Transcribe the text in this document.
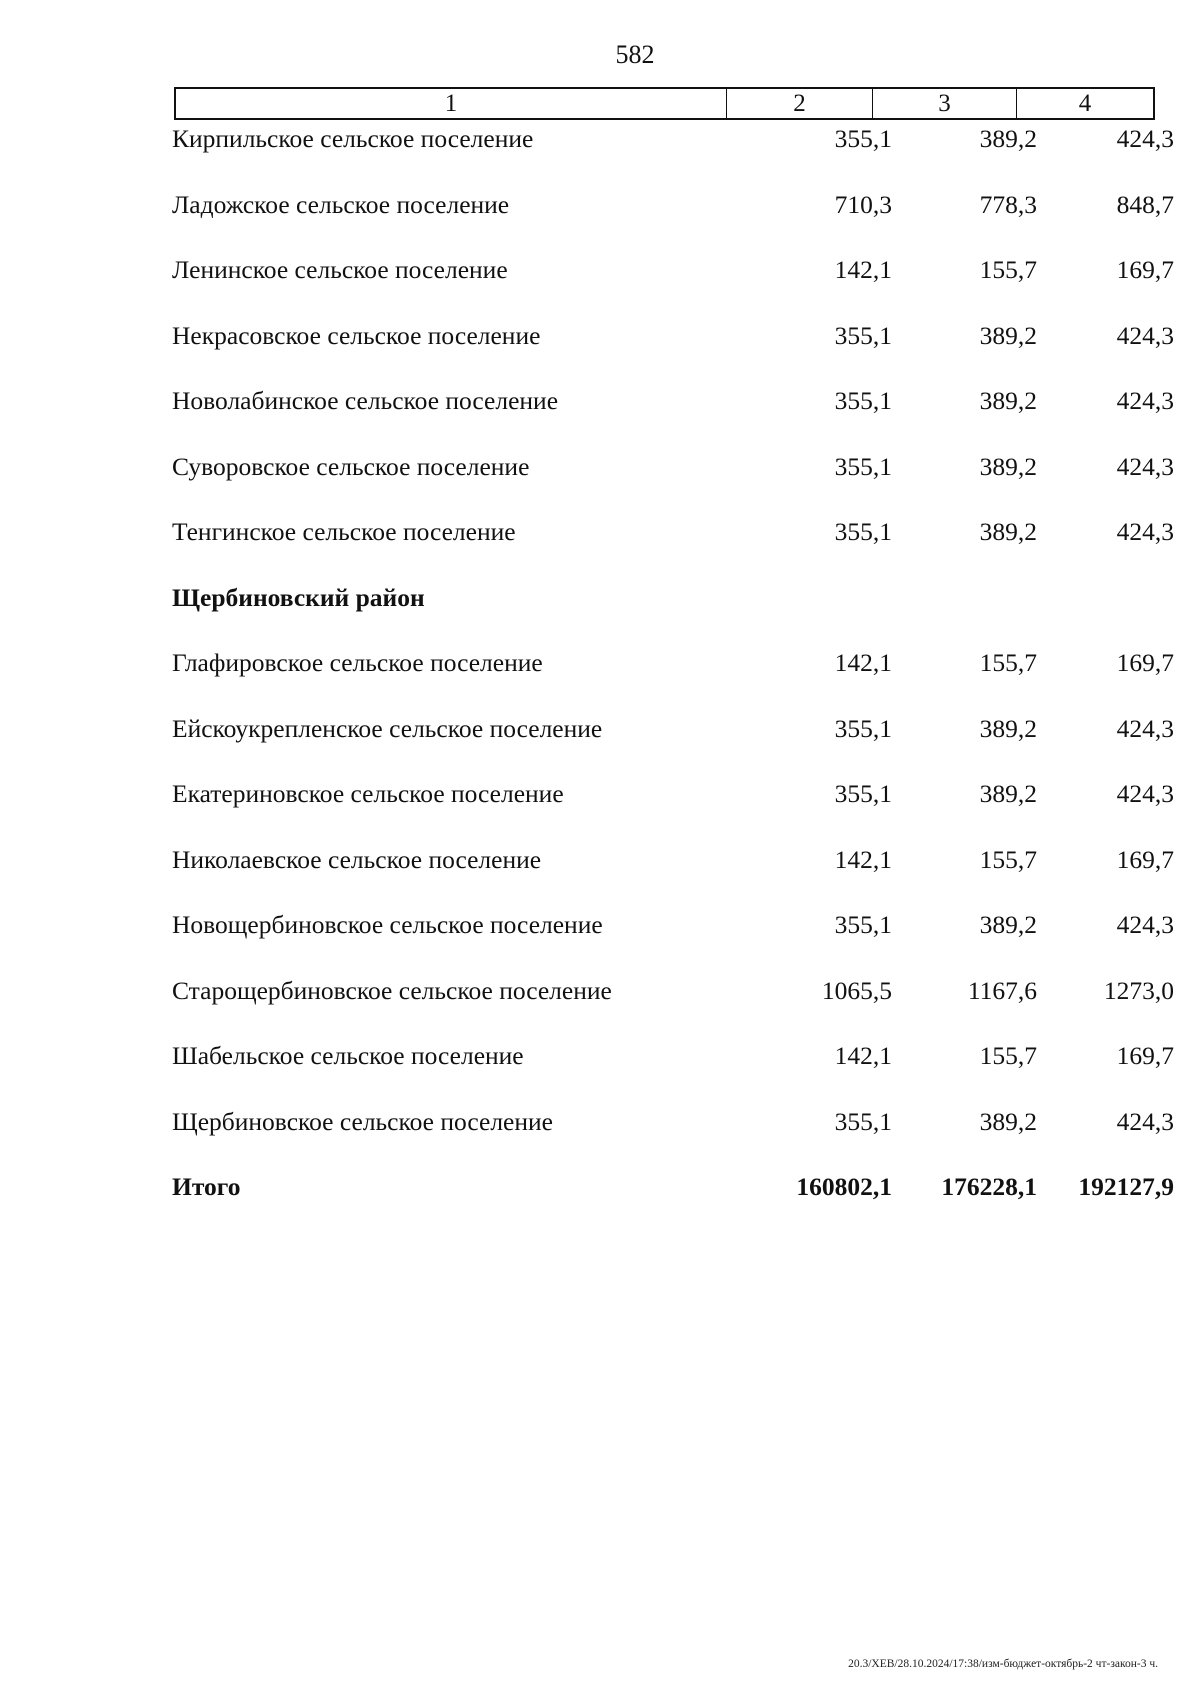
582
1	2	3	4
Кирпильское сельское поселение	355,1	389,2	424,3
Ладожское сельское поселение	710,3	778,3	848,7
Ленинское сельское поселение	142,1	155,7	169,7
Некрасовское сельское поселение	355,1	389,2	424,3
Новолабинское сельское поселение	355,1	389,2	424,3
Суворовское сельское поселение	355,1	389,2	424,3
Тенгинское сельское поселение	355,1	389,2	424,3
Щербиновский район
Глафировское сельское поселение	142,1	155,7	169,7
Ейскоукрепленское сельское поселение	355,1	389,2	424,3
Екатериновское сельское поселение	355,1	389,2	424,3
Николаевское сельское поселение	142,1	155,7	169,7
Новощербиновское сельское поселение	355,1	389,2	424,3
Старощербиновское сельское поселение	1065,5	1167,6	1273,0
Шабельское сельское поселение	142,1	155,7	169,7
Щербиновское сельское поселение	355,1	389,2	424,3
Итого	160802,1	176228,1	192127,9
20.3/ХЕВ/28.10.2024/17:38/изм-бюджет-октябрь-2 чт-закон-3 ч.
